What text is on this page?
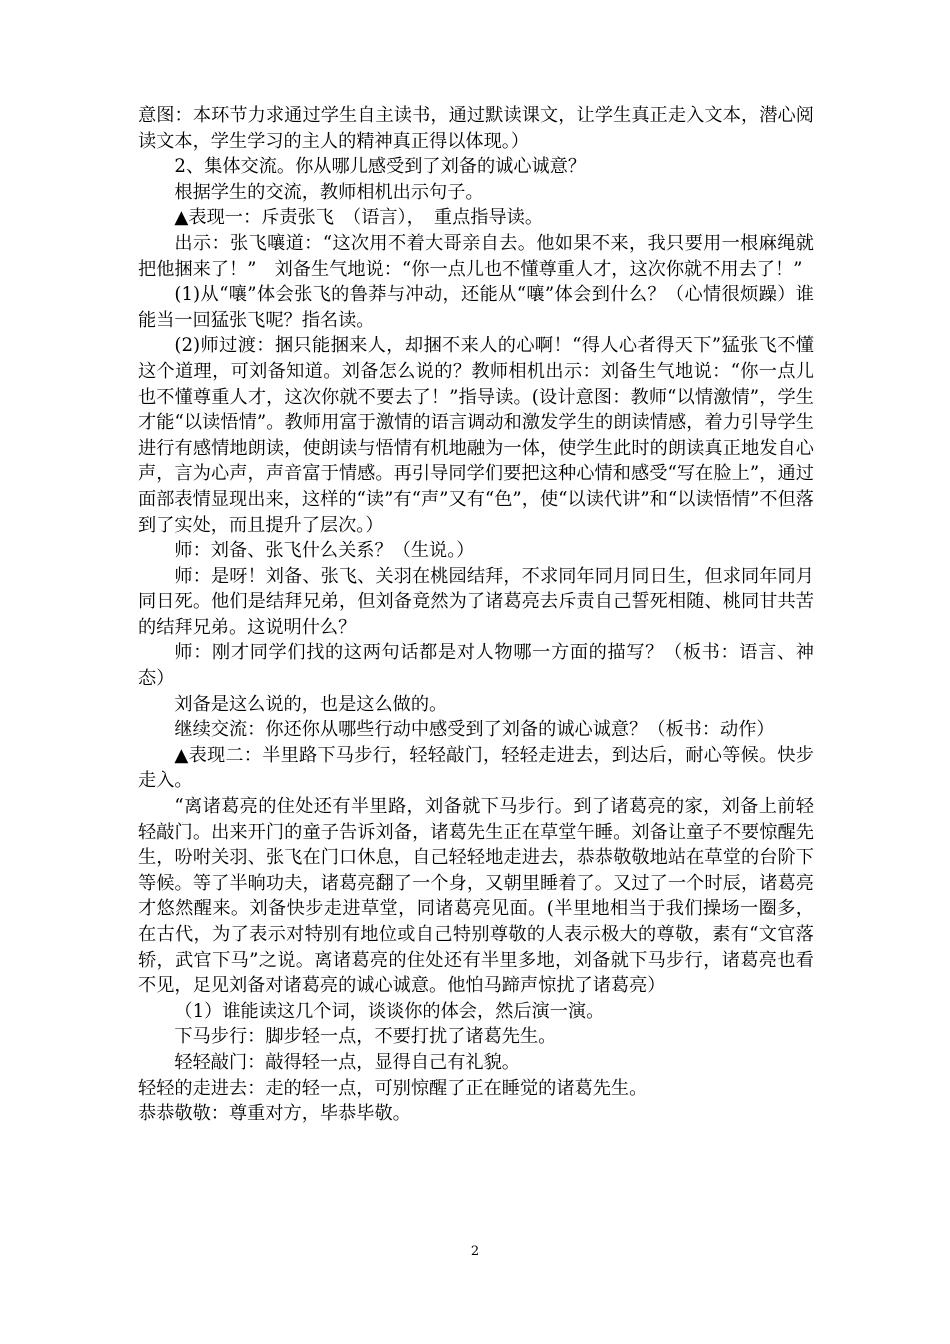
意图：本环节力求通过学生自主读书，通过默读课文，让学生真正走入文本，潜心阅读文本，学生学习的主人的精神真正得以体现。）

2、集体交流。你从哪儿感受到了刘备的诚心诚意？

根据学生的交流，教师相机出示句子。

▲表现一：斥责张飞　（语言），　重点指导读。

出示：张飞嚷道：“这次用不着大哥亲自去。他如果不来，我只要用一根麻绳就把他捆来了！”　刘备生气地说：“你一点儿也不懂尊重人才，这次你就不用去了！”

(1)从“嚷”体会张飞的鲁莽与冲动，还能从“嚷”体会到什么？（心情很烦躁）谁能当一回猛张飞呢？指名读。

(2)师过渡：捆只能捆来人，却捆不来人的心啊！“得人心者得天下”猛张飞不懂这个道理，可刘备知道。刘备怎么说的？教师相机出示：刘备生气地说：“你一点儿也不懂尊重人才，这次你就不要去了！”指导读。(设计意图：教师“以情激情”，学生才能“以读悟情”。教师用富于激情的语言调动和激发学生的朗读情感，着力引导学生进行有感情地朗读，使朗读与悟情有机地融为一体，使学生此时的朗读真正地发自心声，言为心声，声音富于情感。再引导同学们要把这种心情和感受“写在脸上”，通过面部表情显现出来，这样的“读”有“声”又有“色”，使“以读代讲”和“以读悟情”不但落到了实处，而且提升了层次。）

师：刘备、张飞什么关系？（生说。）

师：是呀！刘备、张飞、关羽在桃园结拜，不求同年同月同日生，但求同年同月同日死。他们是结拜兄弟，但刘备竟然为了诸葛亮去斥责自己誓死相随、桃同甘共苦的结拜兄弟。这说明什么？

师：刚才同学们找的这两句话都是对人物哪一方面的描写？（板书：语言、神态）

刘备是这么说的，也是这么做的。

继续交流：你还你从哪些行动中感受到了刘备的诚心诚意？（板书：动作）

▲表现二：半里路下马步行，轻轻敲门，轻轻走进去，到达后，耐心等候。快步走入。

“离诸葛亮的住处还有半里路，刘备就下马步行。到了诸葛亮的家，刘备上前轻轻敲门。出来开门的童子告诉刘备，诸葛先生正在草堂午睡。刘备让童子不要惊醒先生，吩咐关羽、张飞在门口休息，自己轻轻地走进去，恭恭敬敬地站在草堂的台阶下等候。等了半晌功夫，诸葛亮翻了一个身，又朝里睡着了。又过了一个时辰，诸葛亮才悠然醒来。刘备快步走进草堂，同诸葛亮见面。(半里地相当于我们操场一圈多，在古代，为了表示对特别有地位或自己特别尊敬的人表示极大的尊敬，素有“文官落轿，武官下马”之说。离诸葛亮的住处还有半里多地，刘备就下马步行，诸葛亮也看不见，足见刘备对诸葛亮的诚心诚意。他怕马蹄声惊扰了诸葛亮）

（1）谁能读这几个词，谈谈你的体会，然后演一演。

下马步行：脚步轻一点，不要打扰了诸葛先生。

轻轻敲门：敲得轻一点，显得自己有礼貌。

轻轻的走进去：走的轻一点，可别惊醒了正在睡觉的诸葛先生。

恭恭敬敬：尊重对方，毕恭毕敬。

2
